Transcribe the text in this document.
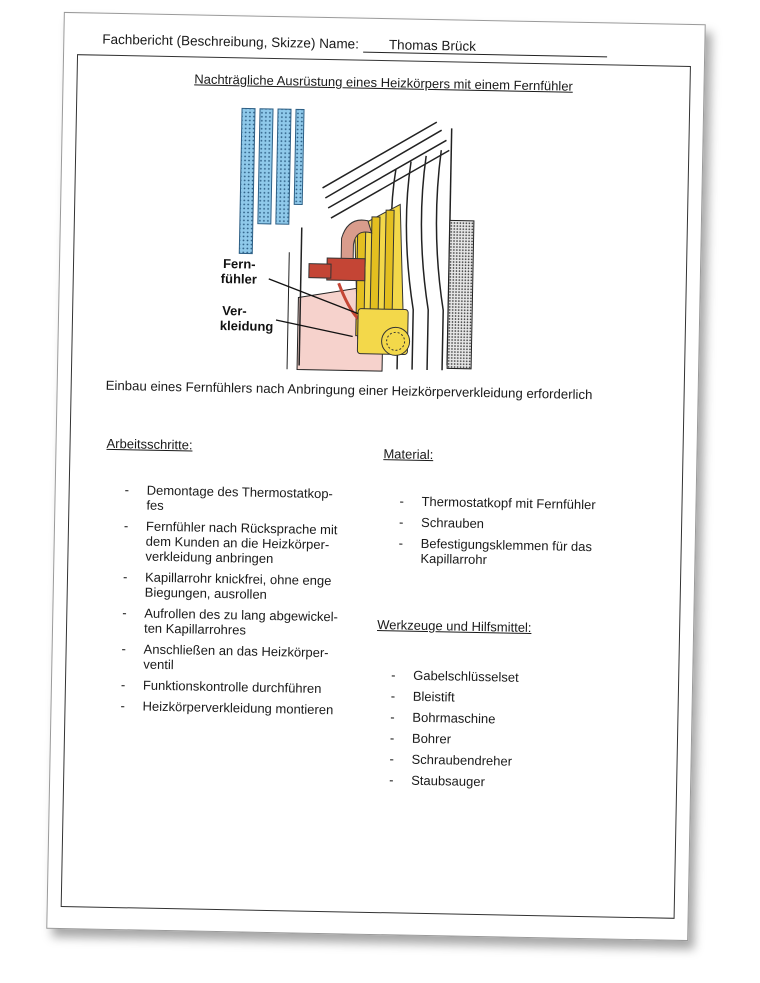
Fachbericht (Beschreibung, Skizze) Name: Thomas Brück
Nachträgliche Ausrüstung eines Heizkörpers mit einem Fernfühler
Fern-
fühler
Ver-
kleidung
Einbau eines Fernfühlers nach Anbringung einer Heizkörperverkleidung erforderlich
Arbeitsschritte:
- Demontage des Thermostatkop-
fes
- Fernfühler nach Rücksprache mit
dem Kunden an die Heizkörper-
verkleidung anbringen
- Kapillarrohr knickfrei, ohne enge
Biegungen, ausrollen
- Aufrollen des zu lang abgewickel-
ten Kapillarrohres
- Anschließen an das Heizkörper-
ventil
- Funktionskontrolle durchführen
- Heizkörperverkleidung montieren
Material:
- Thermostatkopf mit Fernfühler
- Schrauben
- Befestigungsklemmen für das
Kapillarrohr
Werkzeuge und Hilfsmittel:
- Gabelschlüsselset
- Bleistift
- Bohrmaschine
- Bohrer
- Schraubendreher
- Staubsauger
